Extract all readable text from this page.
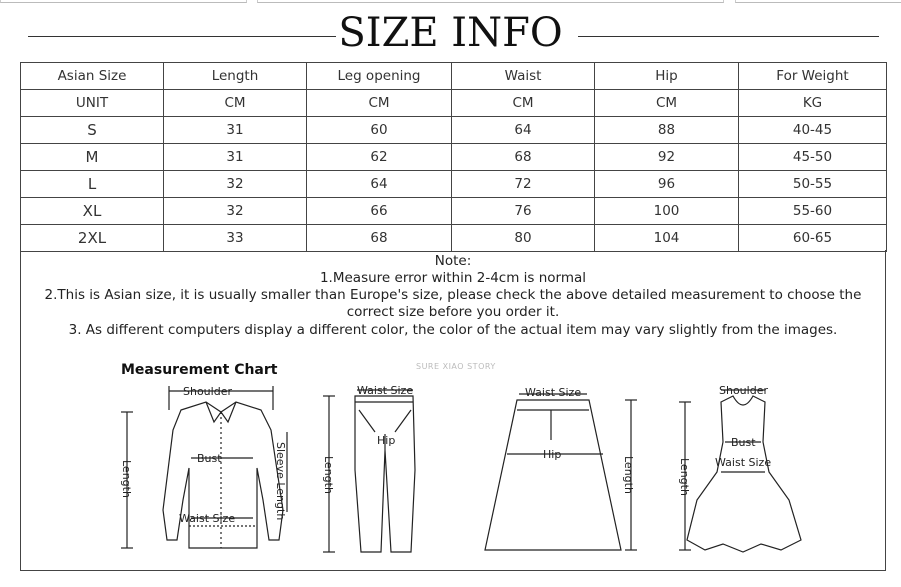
SIZE INFO
Asian Size	Length	Leg opening	Waist	Hip	For Weight
UNIT	CM	CM	CM	CM	KG
S	31	60	64	88	40-45
M	31	62	68	92	45-50
L	32	64	72	96	50-55
XL	32	66	76	100	55-60
2XL	33	68	80	104	60-65
Note:
1.Measure error within 2-4cm is normal
2.This is Asian size, it is usually smaller than Europe's size, please check the above detailed measurement to choose the correct size before you order it.
3. As different computers display a different color, the color of the actual item may vary slightly from the images.
Measurement Chart	SURE XIAO STORY
Shoulder
Bust
Waist Size
Length	Sleeve Length
Waist Size
Hip
Length
Waist Size
Hip
Length
Shoulder
Bust
Waist Size
Length
